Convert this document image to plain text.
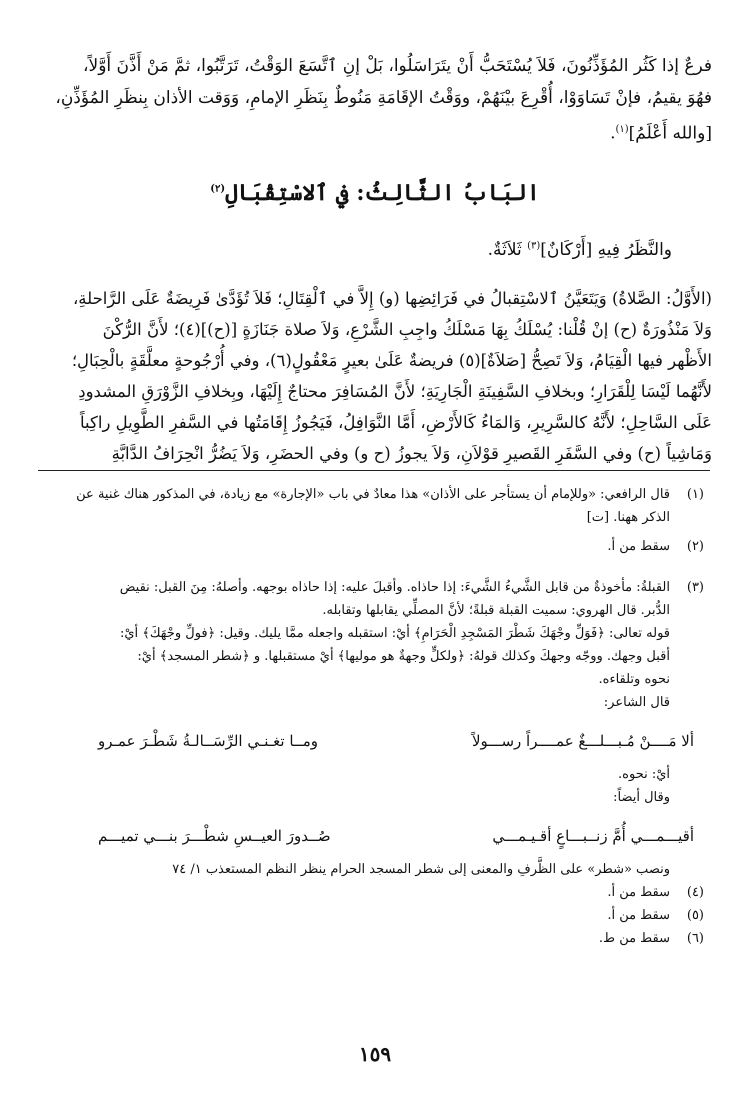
فرعٌ إذا كَثُر المُؤَذِّنُونَ، فَلاَ يُسْتَحَبُّ أَنْ يتَرَاسَلُوا، بَلْ إنِ ٱتَّسَعَ الوَقْتُ، تَرَتَّبُوا، ثمَّ مَنْ أَذَّنَ أَوَّلاً،

فهُوَ يقيمُ، فإنْ تَسَاوَوْا، أُقْرِعَ بيْنَهُمْ، ووَقْتُ الإقَامَةِ مَنُوطٌ بِنَظَرِ الإمامِ، وَوَقت الأذان بِنظَرِ المُؤَذِّنِ،

[والله أَعْلَمُ]$^{(١)}$.

البَابُ الثَّالِثُ: في ٱلاسْتِقْبَالِ$^{(٢)}$
والنَّظَرُ فِيهِ [أَرْكَانٌ]$^{(٣)}$ ثَلاَثَةٌ.

(الأَوَّلُ: الصَّلاةُ) وَيَتَعَيَّنُ ٱلاسْتِقبالُ في فَرَائِضِها (و) إِلاَّ في ٱلْقِتَالِ؛ فَلاَ تُؤَدَّىٰ فَرِيضَةٌ عَلَى الرَّاحلةِ،

وَلاَ مَنْذُورَةٌ (ح) إنْ قُلْنا: يُسْلَكُ بِهَا مَسْلَكُ واجِبِ الشَّرْعِ، وَلاَ صلاة جَنَازَةٍ [(ح)](٤)؛ لأَنَّ الرُّكْنَ

الأَظْهر فيها الْقِيَامُ، وَلاَ تَصِحُّ [صَلاَةٌ](٥) فريضةٌ عَلَىٰ بعيرٍ مَعْقُولٍ(٦)، وفي أُرْجُوحةٍ معلَّقَةٍ بالْحِبَالِ؛

لأَنَّهُما لَيْسَا لِلْقَرَارِ؛ وبخلافِ السَّفِينَةِ الْجَارِيَةِ؛ لأَنَّ المُسَافِرَ محتاجٌ إِلَيْهَا، وبِخلافِ الزَّوْرَقِ المشدودِ

عَلَى السَّاحِلِ؛ لأَنَّهُ كالسَّرِيرِ، وَالمَاءُ كَالأَرْضِ، أَمَّا النَّوَافِلُ، فَيَجُوزُ إِقَامَتُها في السَّفرِ الطَّوِيلِ راكِباً

وَمَاشِياً (ح) وفي السَّفَرِ القَصيرِ قوْلاَنِ، وَلاَ يجوزُ (ح و) وفي الحضَرِ، وَلاَ يَضُرُّ انْحِرَافُ الدَّابَّةِ

(١)
قال الرافعي: «وللإمام أن يستأجر على الأذان» هذا معادٌ في باب «الإجارة» مع زيادة، في المذكور هناك غنية عن
الذكر ههنا. [ت]
(٢)
سقط من أ.
(٣)
القبلةُ: مأخوذةٌ من قابل الشَّيءُ الشَّيءَ: إذا حاذاه. وأقبلَ عليه: إذا حاذاه بوجهه. وأصلهُ: مِنَ القبل: نقيض
الدُّبر. قال الهروي: سميت القبلة قبلةً؛ لأنَّ المصلِّي يقابلها وتقابله.
قوله تعالى: ﴿فَوَلِّ وجْهَكَ شَطْرَ المَسْجِدِ الْحَرَامِ﴾ أيْ: استقبله واجعله ممَّا يليك. وقيل: ﴿فولِّ وجْهَكَ﴾ أيْ:
أقبل وجهك. ووجّه وجهكَ وكذلك قولهُ: ﴿ولكلٍّ وجهةٌ هو موليها﴾ أيْ مستقبلها. و ﴿شطر المسجد﴾ أيْ:
نحوه وتلقاءه.
قال الشاعر:
ألا مَــــنْ مُـبـــلـــغٌ عمــــراً رســـولاً
ومــا تغـنـي الرِّسَــالـةُ شَطْـرَ عمـرو
أيْ: نحوه.
وقال أيضاً:
أقيـــمـــي أُمَّ زنــبـــاعٍ أقـيـمـــي
صُــدورَ العيــسِ شطْـــرَ بنـــي تميـــم
ونصب «شطر» على الظَّرفِ والمعنى إلى شطر المسجد الحرام ينظر النظم المستعذب ١/ ٧٤
(٤)
سقط من أ.
(٥)
سقط من أ.
(٦)
سقط من ط.
١٥٩
